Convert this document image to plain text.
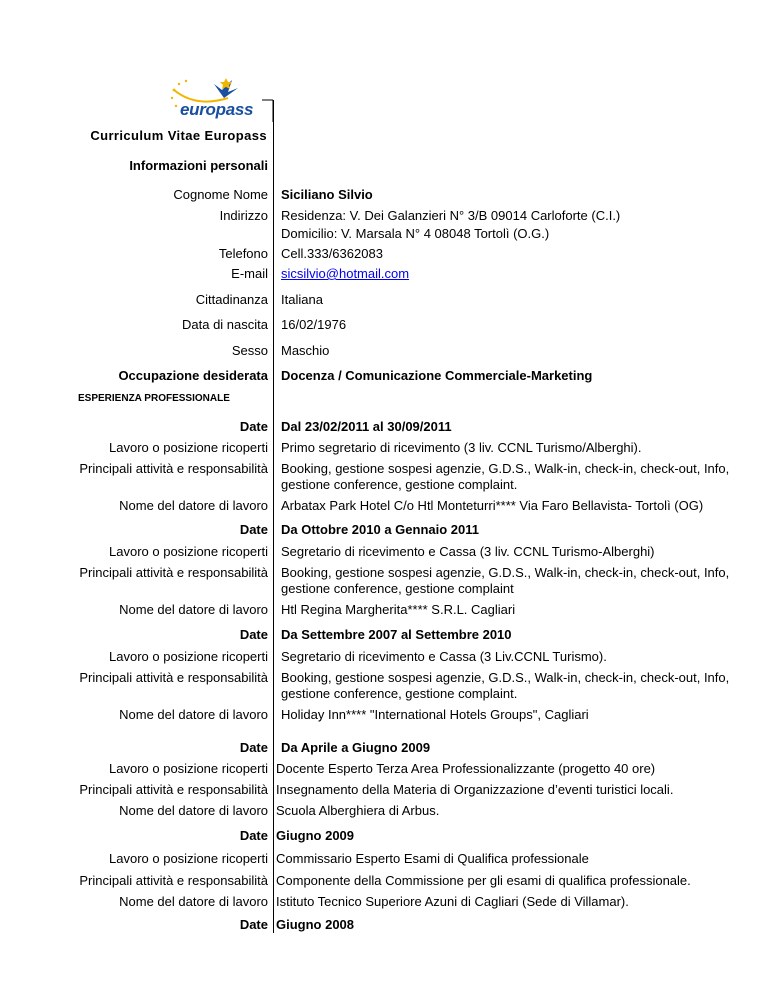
europass
Curriculum Vitae Europass
Informazioni personali
Cognome Nome Siciliano Silvio
Indirizzo Residenza: V. Dei Galanzieri N° 3/B 09014 Carloforte (C.I.)
Domicilio: V. Marsala N° 4 08048 Tortolì (O.G.)
Telefono Cell.333/6362083
E-mail sicsilvio@hotmail.com
Cittadinanza Italiana
Data di nascita 16/02/1976
Sesso Maschio
Occupazione desiderata Docenza / Comunicazione Commerciale-Marketing
ESPERIENZA PROFESSIONALE
Date Dal 23/02/2011 al 30/09/2011
Lavoro o posizione ricoperti Primo segretario di ricevimento (3 liv. CCNL Turismo/Alberghi).
Principali attività e responsabilità Booking, gestione sospesi agenzie, G.D.S., Walk-in, check-in, check-out, Info,
gestione conference, gestione complaint.
Nome del datore di lavoro Arbatax Park Hotel C/o Htl Monteturri**** Via Faro Bellavista- Tortolì (OG)
Date Da Ottobre 2010 a Gennaio 2011
Lavoro o posizione ricoperti Segretario di ricevimento e Cassa (3 liv. CCNL Turismo-Alberghi)
Principali attività e responsabilità Booking, gestione sospesi agenzie, G.D.S., Walk-in, check-in, check-out, Info,
gestione conference, gestione complaint
Nome del datore di lavoro Htl Regina Margherita**** S.R.L. Cagliari
Date Da Settembre 2007 al Settembre 2010
Lavoro o posizione ricoperti Segretario di ricevimento e Cassa (3 Liv.CCNL Turismo).
Principali attività e responsabilità Booking, gestione sospesi agenzie, G.D.S., Walk-in, check-in, check-out, Info,
gestione conference, gestione complaint.
Nome del datore di lavoro Holiday Inn**** "International Hotels Groups", Cagliari
Date Da Aprile a Giugno 2009
Lavoro o posizione ricoperti Docente Esperto Terza Area Professionalizzante (progetto 40 ore)
Principali attività e responsabilità Insegnamento della Materia di Organizzazione d’eventi turistici locali.
Nome del datore di lavoro Scuola Alberghiera di Arbus.
Date Giugno 2009
Lavoro o posizione ricoperti Commissario Esperto Esami di Qualifica professionale
Principali attività e responsabilità Componente della Commissione per gli esami di qualifica professionale.
Nome del datore di lavoro Istituto Tecnico Superiore Azuni di Cagliari (Sede di Villamar).
Date Giugno 2008
